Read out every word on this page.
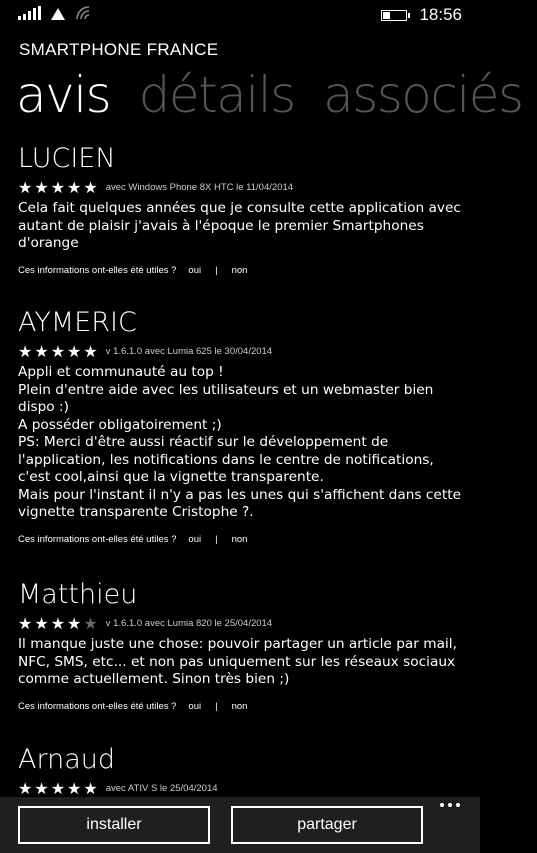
18:56
SMARTPHONE FRANCE
avis détails associés
LUCIEN
★ ★ ★ ★ ★ avec Windows Phone 8X HTC le 11/04/2014
Cela fait quelques années que je consulte cette application avec autant de plaisir j'avais à l'époque le premier Smartphones d'orange
Ces informations ont-elles été utiles ? oui | non
AYMERIC
★ ★ ★ ★ ★ v 1.6.1.0 avec Lumia 625 le 30/04/2014
Appli et communauté au top !
Plein d'entre aide avec les utilisateurs et un webmaster bien dispo :)
A posséder obligatoirement ;)
PS: Merci d'être aussi réactif sur le développement de l'application, les notifications dans le centre de notifications, c'est cool,ainsi que la vignette transparente.
Mais pour l'instant il n'y a pas les unes qui s'affichent dans cette vignette transparente Cristophe ?.
Ces informations ont-elles été utiles ? oui | non
Matthieu
★ ★ ★ ★ ★ v 1.6.1.0 avec Lumia 820 le 25/04/2014
Il manque juste une chose: pouvoir partager un article par mail, NFC, SMS, etc... et non pas uniquement sur les réseaux sociaux comme actuellement. Sinon très bien ;)
Ces informations ont-elles été utiles ? oui | non
Arnaud
★ ★ ★ ★ ★ avec ATIV S le 25/04/2014
installer	partager
